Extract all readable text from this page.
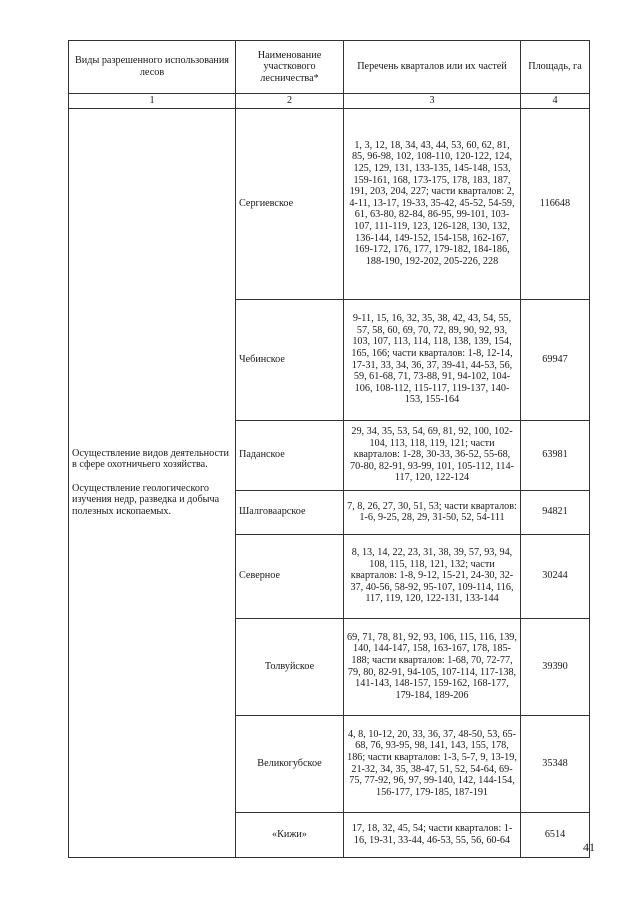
Виды разрешенного использования лесов	Наименование участкового лесничества*	Перечень кварталов или их частей	Площадь, га
1	2	3	4

Осуществление видов деятельности в сфере охотничьего хозяйства.

Осуществление геологического изучения недр, разведка и добыча полезных ископаемых.	Сергиевское	1, 3, 12, 18, 34, 43, 44, 53, 60, 62, 81, 85, 96-98, 102, 108-110, 120-122, 124, 125, 129, 131, 133-135, 145-148, 153, 159-161, 168, 173-175, 178, 183, 187, 191, 203, 204, 227; части кварталов: 2, 4-11, 13-17, 19-33, 35-42, 45-52, 54-59, 61, 63-80, 82-84, 86-95, 99-101, 103-107, 111-119, 123, 126-128, 130, 132, 136-144, 149-152, 154-158, 162-167, 169-172, 176, 177, 179-182, 184-186, 188-190, 192-202, 205-226, 228	116648
	Чебинское	9-11, 15, 16, 32, 35, 38, 42, 43, 54, 55, 57, 58, 60, 69, 70, 72, 89, 90, 92, 93, 103, 107, 113, 114, 118, 138, 139, 154, 165, 166; части кварталов: 1-8, 12-14, 17-31, 33, 34, 36, 37, 39-41, 44-53, 56, 59, 61-68, 71, 73-88, 91, 94-102, 104-106, 108-112, 115-117, 119-137, 140-153, 155-164	69947
	Паданское	29, 34, 35, 53, 54, 69, 81, 92, 100, 102-104, 113, 118, 119, 121; части кварталов: 1-28, 30-33, 36-52, 55-68, 70-80, 82-91, 93-99, 101, 105-112, 114-117, 120, 122-124	63981
	Шалговаарское	7, 8, 26, 27, 30, 51, 53; части кварталов: 1-6, 9-25, 28, 29, 31-50, 52, 54-111	94821
	Северное	8, 13, 14, 22, 23, 31, 38, 39, 57, 93, 94, 108, 115, 118, 121, 132; части кварталов: 1-8, 9-12, 15-21, 24-30, 32-37, 40-56, 58-92, 95-107, 109-114, 116, 117, 119, 120, 122-131, 133-144	30244
	Толвуйское	69, 71, 78, 81, 92, 93, 106, 115, 116, 139, 140, 144-147, 158, 163-167, 178, 185-188; части кварталов: 1-68, 70, 72-77, 79, 80, 82-91, 94-105, 107-114, 117-138, 141-143, 148-157, 159-162, 168-177, 179-184, 189-206	39390
	Великогубское	4, 8, 10-12, 20, 33, 36, 37, 48-50, 53, 65-68, 76, 93-95, 98, 141, 143, 155, 178, 186; части кварталов: 1-3, 5-7, 9, 13-19, 21-32, 34, 35, 38-47, 51, 52, 54-64, 69-75, 77-92, 96, 97, 99-140, 142, 144-154, 156-177, 179-185, 187-191	35348
	«Кижи»	17, 18, 32, 45, 54; части кварталов: 1-16, 19-31, 33-44, 46-53, 55, 56, 60-64	6514
41
